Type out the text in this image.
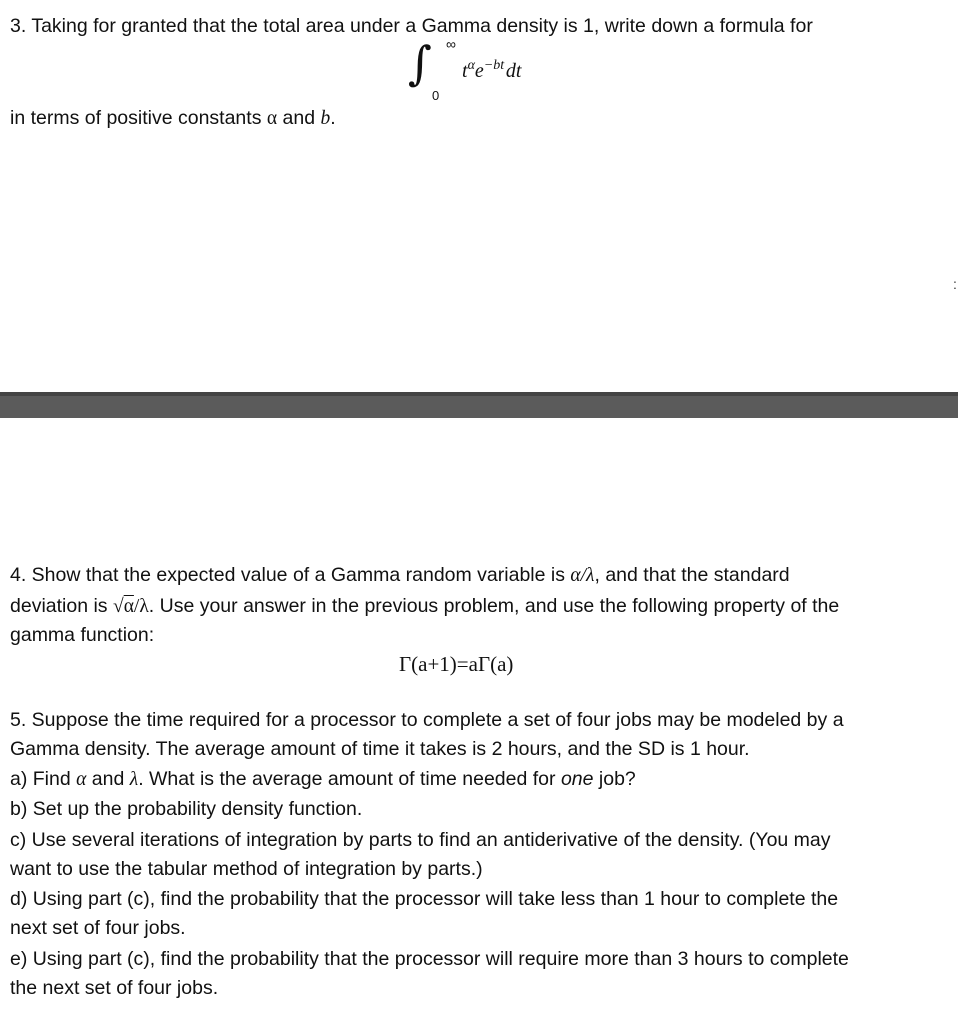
3. Taking for granted that the total area under a Gamma density is 1, write down a formula for
∫ ∞
0
$t^\alpha e^{-bt}$ dt
in terms of positive constants α and b.
:
4. Show that the expected value of a Gamma random variable is α/λ, and that the standard
deviation is √α/λ. Use your answer in the previous problem, and use the following property of the
gamma function:
Γ(a+1)=aΓ(a)
5. Suppose the time required for a processor to complete a set of four jobs may be modeled by a
Gamma density. The average amount of time it takes is 2 hours, and the SD is 1 hour.
a) Find α and λ. What is the average amount of time needed for one job?
b) Set up the probability density function.
c) Use several iterations of integration by parts to find an antiderivative of the density. (You may
want to use the tabular method of integration by parts.)
d) Using part (c), find the probability that the processor will take less than 1 hour to complete the
next set of four jobs.
e) Using part (c), find the probability that the processor will require more than 3 hours to complete
the next set of four jobs.
